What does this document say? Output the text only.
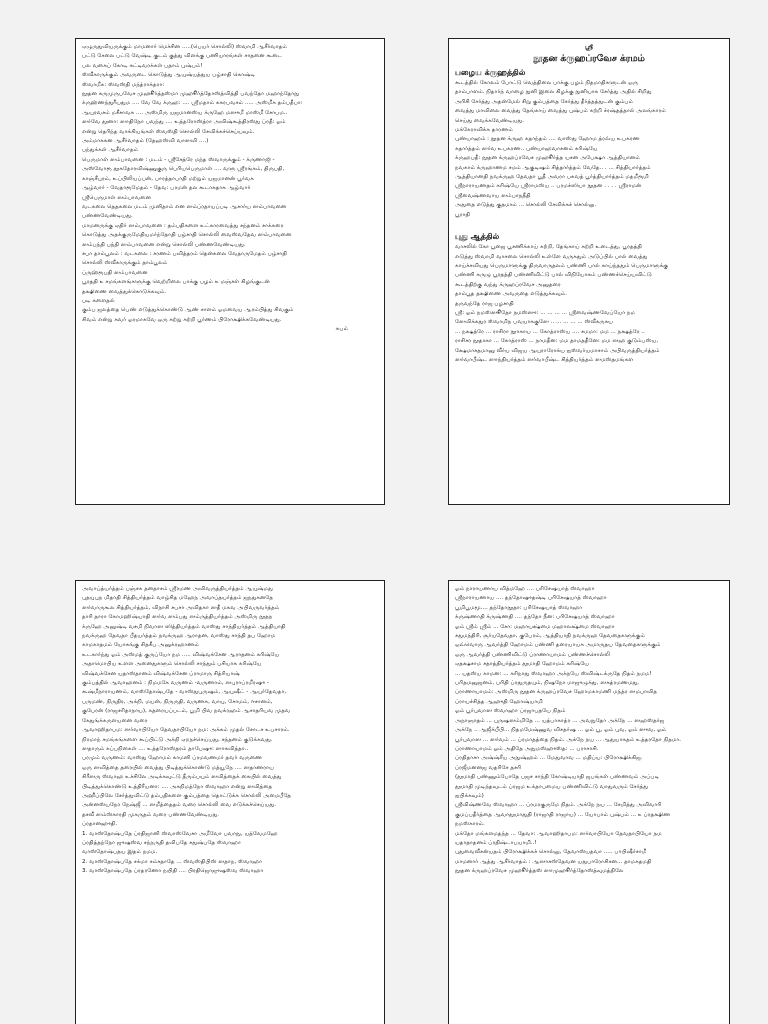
ஏழுருதுவியருக்கும் மாமனார் மெச்சின .....(பெயர் சொல்லி) ஸ்வாமி ஆசீர்வாதம்
பட்டு சேலை பட்டு வேஷ்டி குடம் குத்து விளக்கு பணியாரங்கள் சாதனை கூடை
பல வகைப் கோடி கட்டிவரக்கள் பதாம் புஷ்பம்!
ஸ்வீகாருக்கும் அவருடை கொடுத்து ஆயுஷ்யத்துய பழ்சாதி கொஷ்டி
ஸ்வாமீசு: ஸ்வஸ்தி மந்த்ராக்தரா:
நூதன கருமுருபவேச முஹூர்த்தஸ்மா முஹூர்த்தோஸ்த்வித்தி பவந்தோ மஹாந்தோநு
க்ருஹ்ணந்துரீயதும .... வே வே க்ருஹ: .... ஸ்ரீமதாம் ககரபவசம் ..... அஸ்மீசு தம்பதீபா:
ஆயுரவசம் மசீசாவசு .... அஸ்மிரு யஜமானஸ்ய க்ருஹே மஸுமீ மாஸ்மீ சோபம..
ஸர்வே தூனா: ஸாதிநோ பவந்து .... உத்தரோஸ்த்ரா அவிஷ்கூத்திரஸ்து ப்ரதீ: ஓம்
என்று தெரிந்த வாக்கியங்கள் ஸ்வஸ்தி சொல்லி சேவிக்கச்செய்யவும்.
அம்மாககன ஆசீர்வாதம் (தேஹஸ்வி வாஸவி ....)
பந்துக்கள் ஆசீர்வாதம்
பெருமாள் ஸம்பாவனை : மடம் - ஸ்ரீசேத்ரே மந்த ஸ்வாருக்கும் - க்ருணாஜி -
அஸ்வோரூ தூகதோரவிஷ்ணுகுரு பெரியபெருமாள் .... வளு ஸ்ரீரங்கம், திருபதி,
காஞ்சீபுரம், உப்பிலியப்பன், பாரத்தாபாதி மற்றும் யஜமானன் பூர்வக
ஆழ்வார் - வேதாரூமேதம் - தேவ: பரமன் தல கூடாகதாக ஆழ்வார்
ஸ்ரீபெருமாள் ஸம்பாவனை
வடகலை தெதகலை மடம் முனிதாம் என ஸம்ப்ரதாயப்படி ஆசார்ய ஸம்பாவனை
பண்ணவேண்டியது.
மாமனருக்கு ஏதிர் ஸம்பாவனை : தம்பதிகளை உட்காரவைத்து சந்தனம் சாக்கரை
கொடுத்து அதக்குருமேதியமர்ந்தோதி பழ்சாதி சொல்லி வைஸ்வதேவ ஸம்பாவனை
ஸம்பந்தி பந்தி ஸம்பாவனை என்று சொல்லி பண்ணவேண்டியது.
சபா தாம்பூலம் : வடகலை : சரணம் பவித்தரம் தென்கலை வேதாருமேதம் பழ்சாதி
சொல்லி ஸ்வீகாருக்கும் தாம்பூலம்
ப்ருஹ்ரூபதி ஸம்பாவனை
பூரததி ௨ சமங்களங்களுக்கு வெற்றிலை பாக்கு பழம் ௨ மஞ்சள் கிழங்குடன்
தக்ஷிணை வைத்துக்கொடுக்கவும்.
படி களைதல்
கும்ப ஜலத்தை பெண் எடுத்துக்கொண்டு ஆண் சாளம் ஓமவைய ஆரம்பித்து சிவகும்
சிவம் என்று சுவர் ஓரமாகவே ஒரு சுற்று சுற்றி பூர்ணம் பிரோக்ஷிக்கவேண்டியது.
சுபம்
ஸ்ரீ
நூதன க்ருஹப்ரவேச க்ரமம்
பழைய க்ருஹத்தில்
கூடத்தில் கோலம் போட்டு வெத்திலை பாக்கு பழம் நிதமாதிகளுடன் ஒரு
தாம்பாளம். நிதார்ந் வாழை நுனி இலை கிழக்கு நுனியாக சேர்த்து அதில் சிறிது
அரிசி சேர்த்து அதன்மேல் சிறு கும்பத்தை சேர்த்து தீர்த்தத்துடன் கும்பம்
வைத்து மாவிலை வைத்து தேங்காய் வைத்து புஷ்பம் சுற்றி ச்ரஷ்தத்தால் அலங்காரம்
செய்து வைக்கவேண்டியது.
மக்கேராவிக்க தாரணம்
புண்யாஹம் : நூதன க்ருஹ சுதாந்தம் .... வாஸ்து ஹோம த்ரவ்ய உபகரண
சுதார்த்தம் ஸர்வ உபகரண.. புண்யாஹவாசனம் கரிஷ்யே
க்ருஹபதீ: நூதன க்ருஹப்ரவேச முஹூர்த்த யசன அபேக்ஷா ஆத்தியானம்
நவகாம் க்ருஹாணம சமம் ஆகுடிஷம் சித்தார்த்தம் வேதே.. . ... சித்தியார்த்தம்
ஆத்தியானதி நவக்ருஹ தேவதா பூதீ அவரா பகவத் பூர்த்தியார்த்தம் மதமீரூமி
ஸ்ரீநாராயணதம் கரிஷ்யே ஸ்ரீராமஸ்ய .. பரமச்ஸியா நூதன . . . . ஸ்ரீராமன்
ஸ்ரீவைஷ்ணவாய ஸம்பாநதீதி
அதுதை எடுத்து குதமாம் ... சொல்லி சேவிக்கச் சொல்லு.
பூராதி
புது ஆத்தில்
வாசலில் கோ பூஜை பூசணிக்காய் சுற்றி, தேங்காய் சுற்றி உடைத்து, பூரதத்தி
எடுத்து ஸ்வாமி வாசலை சொல்லி உள்ளே வருகதும் அடுப்பில் பால் வைத்து
காய்ச்சவியது பெருமாளுக்கு திருவாருதலம் பண்ணி பால் காய்ந்ததும் பெருமாளுக்கு
பண்ணி கருழு பூரதத்தி பண்ணிவிட்டு பால் விநியோகம் பண்ணச்செய்யவிட்டு
கூடத்திற்கு வந்து க்ருஹப்ரவேச அனுதரை
தாம்பூத தக்ஷிணை அவருதை எடுத்துக்கவும்.
தருவந்தே ராஜ பழசாதி
ஸ்ரீ: ஓம் நமஸ்ஸூதோ நமஸ்ஸு: ... ... ... ... ஸ்ரீவைஷ்ணவேப்யோ நம
ஸேவிக்கதுர ஸ்வாமிந பவயாககுஸே .. ... ... ... ... ஸ்வீகருகய
... நக்ஷத்ரே ... ராசிரா நூாகாய ... கோத்ராஸ்ய .... சமமா: மம ... நக்ஷத்ரே ..
ராசிசர நூதாகா ... கோத்ராஸ் ... நாமதீன: மம தாமததீனே: மம ஸஹ குடும்பஸ்ய,
க்ஷேமாசதமானு வீர்ய விஜய ஆயுராரோக்ய ஐஸ்வர்யமாசாம் அபிவருத்தியர்த்தம்
ஸர்வாபீஷ்ட ஸாந்தியர்த்தம் ஸர்வாபீஷ்ட சித்தியர்த்தம் ஸமஸ்தமங்கள
அவாப்த்யர்த்தம் பஞ்சக தனதாசம் ஸ்ரீரமண அவிவருத்தியர்த்தம் ஆயுஷ்மது
புதயுபுந மிதாதி சித்தியர்த்தம் வாழ்சித மஹேந அவாப்தயர்த்தம் ஜநதுகனதே
ஸர்வாருகூல சித்தியர்த்தம், விநாசி சபசா அவிதகா ஸதீ மகவ அபிவருவர்த்தம்
தாரி தாரா கோமஹிஷ்யாதி ஸர்வ ஸம்பது ஸம்ருத்தியர்த்தம் அஸ்மிரு நூதந
க்ருஹே அனுஷ்டி வசமி நிவாஸ ஸித்தியர்த்தம் வாஸ்து சாந்தியர்த்தம் ஆத்தியாதி
நவக்ருஹ தேவதா பீதயர்த்தம் நவக்ருஹ ஆராதன, வாஸ்து சாந்தி தப ஹோம
காமகாதமம் யோகங்கு சிதகீப அனுக்ரஹாணம்
உடகார்ந்து ஓம் அஸ்மத் குருப்யோ நம ..... விஷ்வக்சேன ஆராதனம் கரிஷ்யே
அதாமொபிய உளள அனைதுகளும் சொல்லி சாந்தும் பசியாக கரிஷ்யே
விஷ்வக்சேன யதாஸ்தானம் விஷ்வக்சேன ப்ராமாரு சித்ரியாஷ்
கும்பத்தில் ஆவாஹனம் : நிமமகே வருணம் -வருணாம், ஸபுராப்ரமீரஷு -
கூஷ்மீநாராயணம், வாஸ்தோஷ்பதே - வாஸ்துபுருஷம், ஆயுஷீட் - ஆயுர்தேவதா,
பருமண், நிருதிர, அக்நி, மயன், நிருருதி, வருணசு, வாயு, சோமம், ஈசானம்,
குபேரன் (ராஜசரிதாநாய), கதரையப்படம், பூமி பிவ நவக்ரஹம் ஆசாதரியவ முதவ
கேதுங்க்கருளயனை வரை
ஆவாஹிதாபம: ஸர்வாபியோ தேவதாபியோ நம: அக்கம் முதல் சோடச உபசாரம்.
நிரமாந் சமங்கங்களை கூப்பிட்டு அக்நி ஏறநச்செய்யது, சந்தனம் குடுக்கவது.
ஸதாரும் கப்பநிகைள் .... உத்தரோஸ்தரம் தாபேஷு: ஸாகவித்தா..
பரமும் வருணம்: வாஸ்து ஹோமம் காமனி ப்ரமவணமர் தவர் வருணை
ஒரு ஸவித்தை தரையில் வைத்து பிடித்துக்கொண்டு மத்யூநே .... ஸதாணராய
சிரீஸரு ஸ்வாஹ உச்சிலே அடிக்கவுட்டு தீரும்பயும் ஸவித்தைக் கையில் வைத்து
பிடித்துக்கொண்டு உத்திரீயனா: .... அகநிமத்நோ ஸ்வாஹா என்று ஸவித்தை
அஹீப்பிலே சேர்த்துவிட்டு தம்பதிகளை கும்பத்தை தொட்டுக்க சொல்லி அமைபீதே
அன்னஸ்யநேர நேஷ்ஜீ ... ஸமீத்தைதம் வரை சொல்லி வை எடுக்கச்செய்யது.
தசவீ ஸம்ஸ்காரதி முகருதம் வரை பண்ணவேண்டியது.
ப்ரதானஹுதி.
1. வாஸ்தோஷ்பதே ப்ரதிஜானி ஸ்வாஸ்வேசா அமீவோ பவாநு, யத்வேமஹே
ப்ரதித்தந்நோ ஜுஷஸ்வ சந்நருதி தவிபதே சதுஷ்பதே ஸ்வாஹா
வாஸ்தோஷ்பதய இதம் நமம.
2. வாஸ்தோஷ்பதே சக்மா சம்சதாதே ... ஸ்வஸ்திபிஸ் ஸதாந, ஸ்வாஹா
3. வாஸ்தோஷ்பதே ப்ரதரணோ நயிதி .... பிரதிஜொஜுஷஸ்வ ஸ்வாஹா
ஓம் நாராயணாய வித்மஹே .... பரிசேஷயாத் ஸ்வாஹா
ஸ்ரீநாராயணாய .... தந்தோஷுதஷ்டி பரிசேஷயாத் ஸ்வாஹா
பூமிபூமமூ.... தந்தோநூதா: பரிசேஷயாத் ஸ்வாஹா
க்ருஷ்ணாதி க்ருஷ்ணதி .... தந்தோ நீன: பரிசேஷயாத் ஸ்வாஹா
ஓம் ஸ்ரீம் ஸ்ரீம் ... சோ: மஹாயக்ஷ்மை மஹாலக்ஷ்மை ஸ்வாஹா
சதுமந்திரி, சூர்யதேவதா, குபேரம், ஆத்தியாதி நவக்ருஹ தேவதைகளுக்கும்
ஒவ்வொரு ஆவர்த்தி ஹோமம் பண்ணி தரையாயசு அமாருதய தேவதைகளுக்கும்
ஒரு ஆவர்த்தி பண்ணிவிட்டு ப்ராணாயாமம் பண்ணச்சொல்லி
ஏதக்ஷசாம சதாத்தியர்த்தம் தூமாதி ஹோமம் கரிஷ்யே
... யதஸ்ய காமன: ... கரிநாது ஸ்வாஹா அக்நயே ஸ்விஷ்டக்ருதே நிதம் நமம!
பரிதமனுஜனம், பரிதி ப்ரதுருதயும், நிஷநோ மாஜுழுக்து, ஸகத்ரமணமது,
ப்ராணாயாமம்: அஸ்மிரு நூதன க்ருஹப்ரவேச ஹோமகாமணி மந்த்ர ஸமபாவித
ப்ராயச்சித்த ஆஹுதி ஹோஷ்யாமி
ஓம் பூர்புவாஸ ஸ்வாஹா ப்ரஜாபதயே நிதம்
அநாஞாதம் ... புருஷஸம்மிதே ... யத்பாகாத்ர ... அவநுதோ அக்நே ... ஸஹஸ்தர்ஜ
அக்நே .. ஆஜீக்பீபி... நிதமமேஷ்ணுவ விசதர்ஷ ... ஓம் பூ, ஓம் புவ, ஓம் ஸுவ, ஓம்
பூர்புவாஸ ... ஸர்வம் ... ப்ரமாதத்தை நிதம். அக்நே நய ... ஆதுயாகதம் உத்தரதோ நிதமா.
ப்ராணாயாமம் ஓம் அதிதே அநுமஸ்ஹுஸ்த: ... பராசாசி.
ப்ரதிதாசா அஷ்ஷ்ரீய அநுஷ்ஹம் ... மேதுவாவ ... மதிப்ய: பிரோக்ஷிக்கிஜ.
ப்ரஜீமனனஜ வதரிசே தசரி
(தூமாதி பண்ணும்போதே பஜச சாந்தி கோஷ்டியாதி ஜபங்கள் பண்ணவம் அப்படி
தூமாதி முடிந்தவுடம் ப்ரஜம உக்தாபமைய பண்ணிவிட்டு வாதுவரும் சேர்த்து
ஐபிக்கவும்)
ஸ்ரீவிஷ்ணவே ஸ்வாஹா ... ப்ரமரகுருமே நிதம். அக்நே நய ... சேமித்து அவிவாரி
குமப்பதீர்த்தை ஆவாதூமாதுதி (ராஜாதி ராஜாய) ... யோபாம் புஷ்பம் ... ௨ ப்ரதக்ஷிண
நமஸ்காரம்.
மக்தோ மங்களமதந்த ... தேவா: ஆவாஹிதாபம: ஸர்வாபியோ தேவதாபியோ நம
யதாதாதனம் ப்ரதிஷ்டாபயாமி..!
புதுவைவீசன்யதம் பிரோக்ஷிக்கச் சொல்லு, தேவாஸ்யதவா ..... பாபிஷீர்சாமீ
மாமனார் ஆத்து ஆசீர்வாதம் : ஆஸாசஸ்தேவன யதுபாரோசிசன... தாமகதமதி
நூதன க்ருஹப்ரவேச முஹூர்த்தஸ் ஸாமுஹூர்த்தோஸ்த்வுமத்திலே
